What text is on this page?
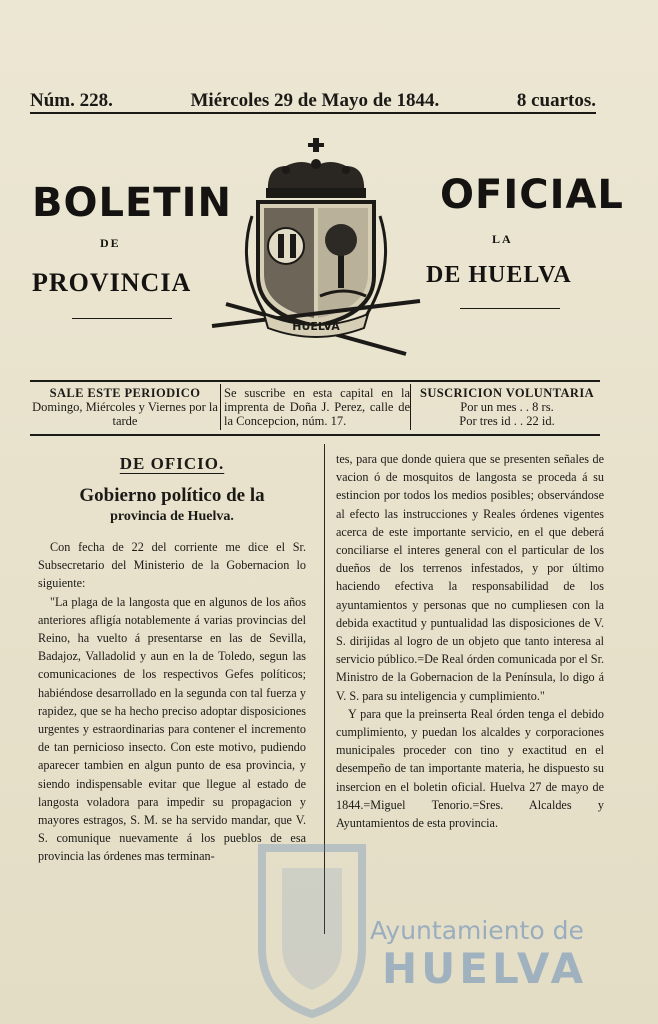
Núm. 228.	Miércoles 29 de Mayo de 1844.	8 cuartos.
BOLETIN	OFICIAL
DE	LA
PROVINCIA	DE HUELVA
HUELVA
SALE ESTE PERIODICO
Domingo, Miércoles y Viernes por la tarde
Se suscribe en esta capital en la imprenta de Doña J. Perez, calle de la Concepcion, núm. 17.
SUSCRICION VOLUNTARIA
Por un mes . . 8 rs.
Por tres id . . 22 id.
DE OFICIO.
Gobierno político de la
provincia de Huelva.

Con fecha de 22 del corriente me dice el Sr. Subsecretario del Ministerio de la Gobernacion lo siguiente:

"La plaga de la langosta que en algunos de los años anteriores afligía notablemente á varias provincias del Reino, ha vuelto á presentarse en las de Sevilla, Badajoz, Valladolid y aun en la de Toledo, segun las comunicaciones de los respectivos Gefes políticos; habiéndose desarrollado en la segunda con tal fuerza y rapidez, que se ha hecho preciso adoptar disposiciones urgentes y estraordinarias para contener el incremento de tan pernicioso insecto. Con este motivo, pudiendo aparecer tambien en algun punto de esa provincia, y siendo indispensable evitar que llegue al estado de langosta voladora para impedir su propagacion y mayores estragos, S. M. se ha servido mandar, que V. S. comunique nuevamente á los pueblos de esa provincia las órdenes mas terminan-

tes, para que donde quiera que se presenten señales de vacion ó de mosquitos de langosta se proceda á su estincion por todos los medios posibles; observándose al efecto las instrucciones y Reales órdenes vigentes acerca de este importante servicio, en el que deberá conciliarse el interes general con el particular de los dueños de los terrenos infestados, y por último haciendo efectiva la responsabilidad de los ayuntamientos y personas que no cumpliesen con la debida exactitud y puntualidad las disposiciones de V. S. dirijidas al logro de un objeto que tanto interesa al servicio público.=De Real órden comunicada por el Sr. Ministro de la Gobernacion de la Península, lo digo á V. S. para su inteligencia y cumplimiento."

Y para que la preinserta Real órden tenga el debido cumplimiento, y puedan los alcaldes y corporaciones municipales proceder con tino y exactitud en el desempeño de tan importante materia, he dispuesto su insercion en el boletin oficial. Huelva 27 de mayo de 1844.=Miguel Tenorio.=Sres. Alcaldes y Ayuntamientos de esta provincia.

Ayuntamiento de
HUELVA
